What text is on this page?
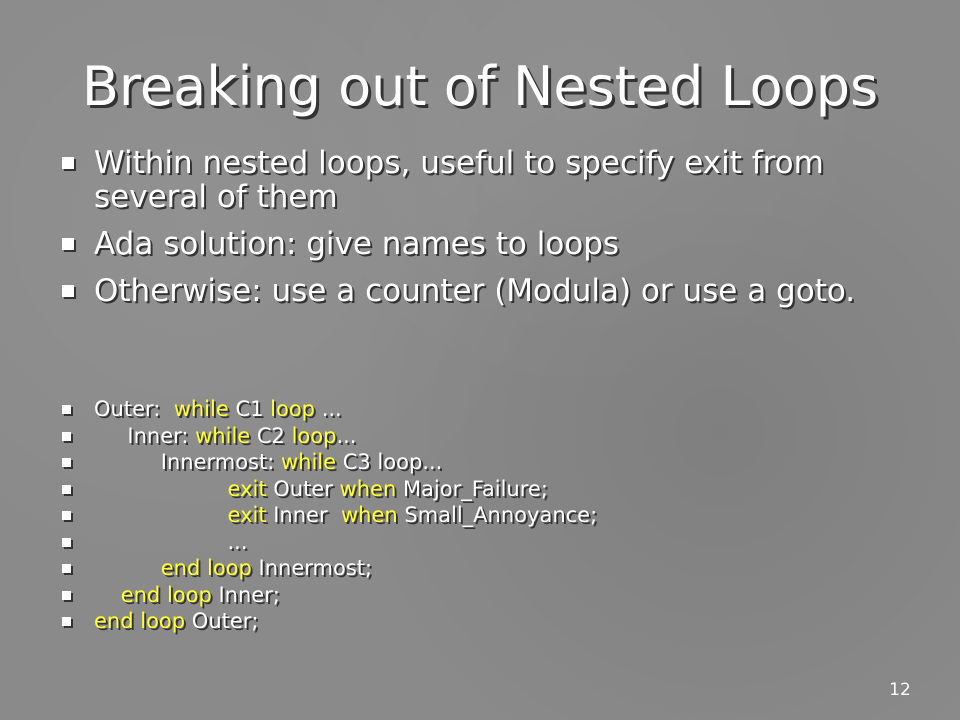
Breaking out of Nested Loops
Within nested loops, useful to specify exit from several of them
Ada solution: give names to loops
Otherwise: use a counter (Modula) or use a goto.
Outer:  while C1 loop ...
Inner: while C2 loop...
Innermost: while C3 loop...
exit Outer when Major_Failure;
exit Inner  when Small_Annoyance;
...
end loop Innermost;
end loop Inner;
end loop Outer;
12
